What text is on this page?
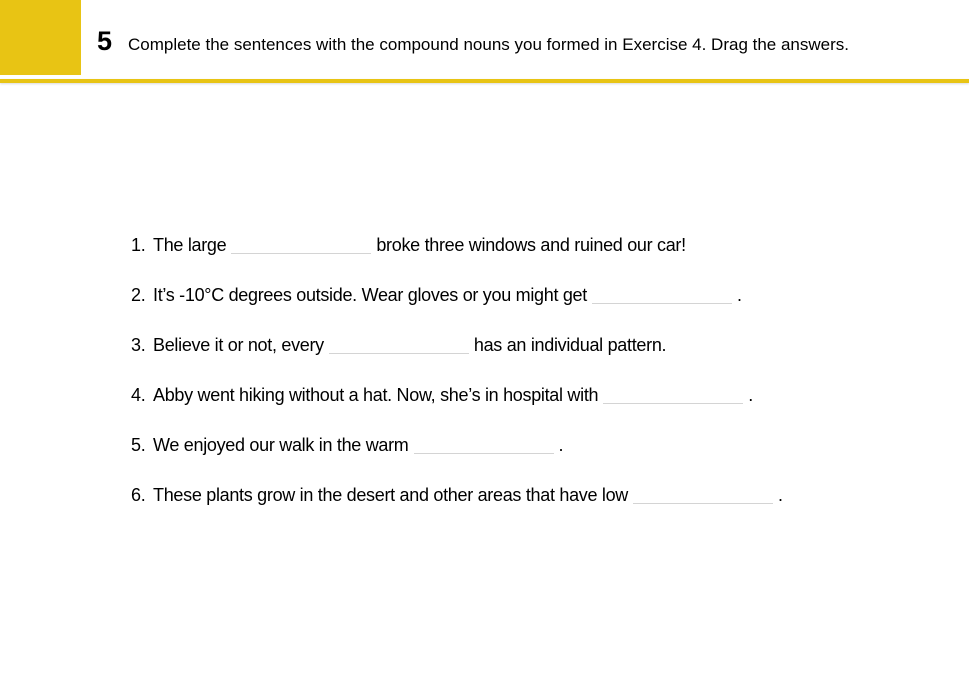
5 Complete the sentences with the compound nouns you formed in Exercise 4. Drag the answers.
1. The large	broke three windows and ruined our car!
2. It’s -10°C degrees outside. Wear gloves or you might get	.
3. Believe it or not, every	has an individual pattern.
4. Abby went hiking without a hat. Now, she’s in hospital with	.
5. We enjoyed our walk in the warm	.
6. These plants grow in the desert and other areas that have low	.
